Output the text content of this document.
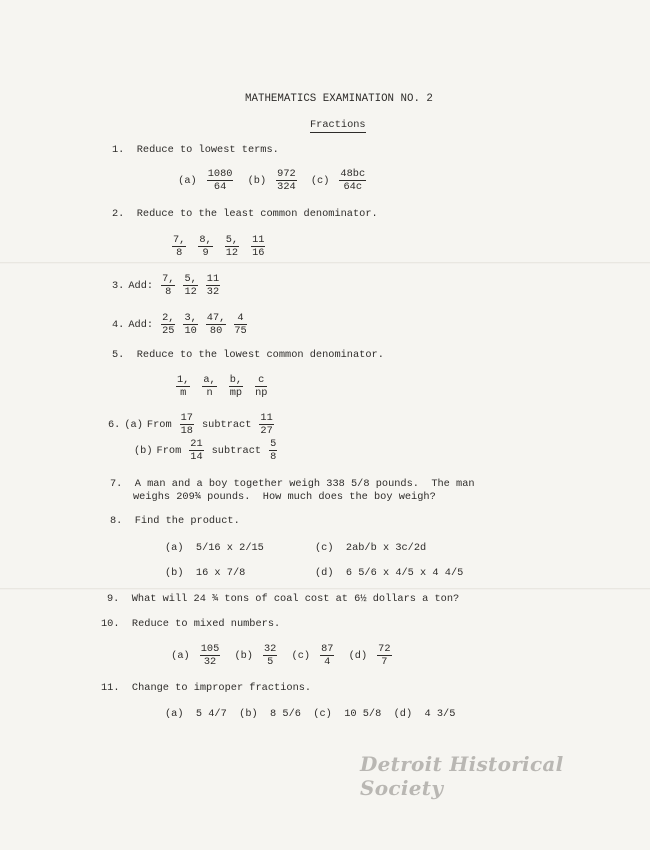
MATHEMATICS EXAMINATION NO. 2
Fractions
1. Reduce to lowest terms.
$(a) \frac{1080}{64} (b) \frac{972}{324} (c) \frac{48bc}{64c}$
2. Reduce to the least common denominator.
$\frac{7,}{8} \frac{8,}{9} \frac{5,}{12} \frac{11}{16}$
3. Add: $\frac{7,}{8} \frac{5,}{12} \frac{11}{32}$
4. Add: $\frac{2,}{25} \frac{3,}{10} \frac{47,}{80} \frac{4}{75}$
5. Reduce to the lowest common denominator.
$\frac{1,}{m} \frac{a,}{n} \frac{b,}{mp} \frac{c}{np}$
6. (a) From $\frac{17}{18}$ subtract $\frac{11}{27}$
(b) From $\frac{21}{14}$ subtract $\frac{5}{8}$
7. A man and a boy together weigh 338 5/8 pounds.  The man
weighs 209¾ pounds.  How much does the boy weigh?
8. Find the product.
(a)  5/16 x 2/15	(c)  2ab/b x 3c/2d
(b)  16 x 7/8	(d)  6 5/6 x 4/5 x 4 4/5
9. What will 24 ¾ tons of coal cost at 6½ dollars a ton?
10. Reduce to mixed numbers.
$(a) \frac{105}{32} (b) \frac{32}{5} (c) \frac{87}{4} (d) \frac{72}{7}$
11. Change to improper fractions.
(a)  5 4/7  (b)  8 5/6  (c)  10 5/8  (d)  4 3/5
Detroit Historical Society
